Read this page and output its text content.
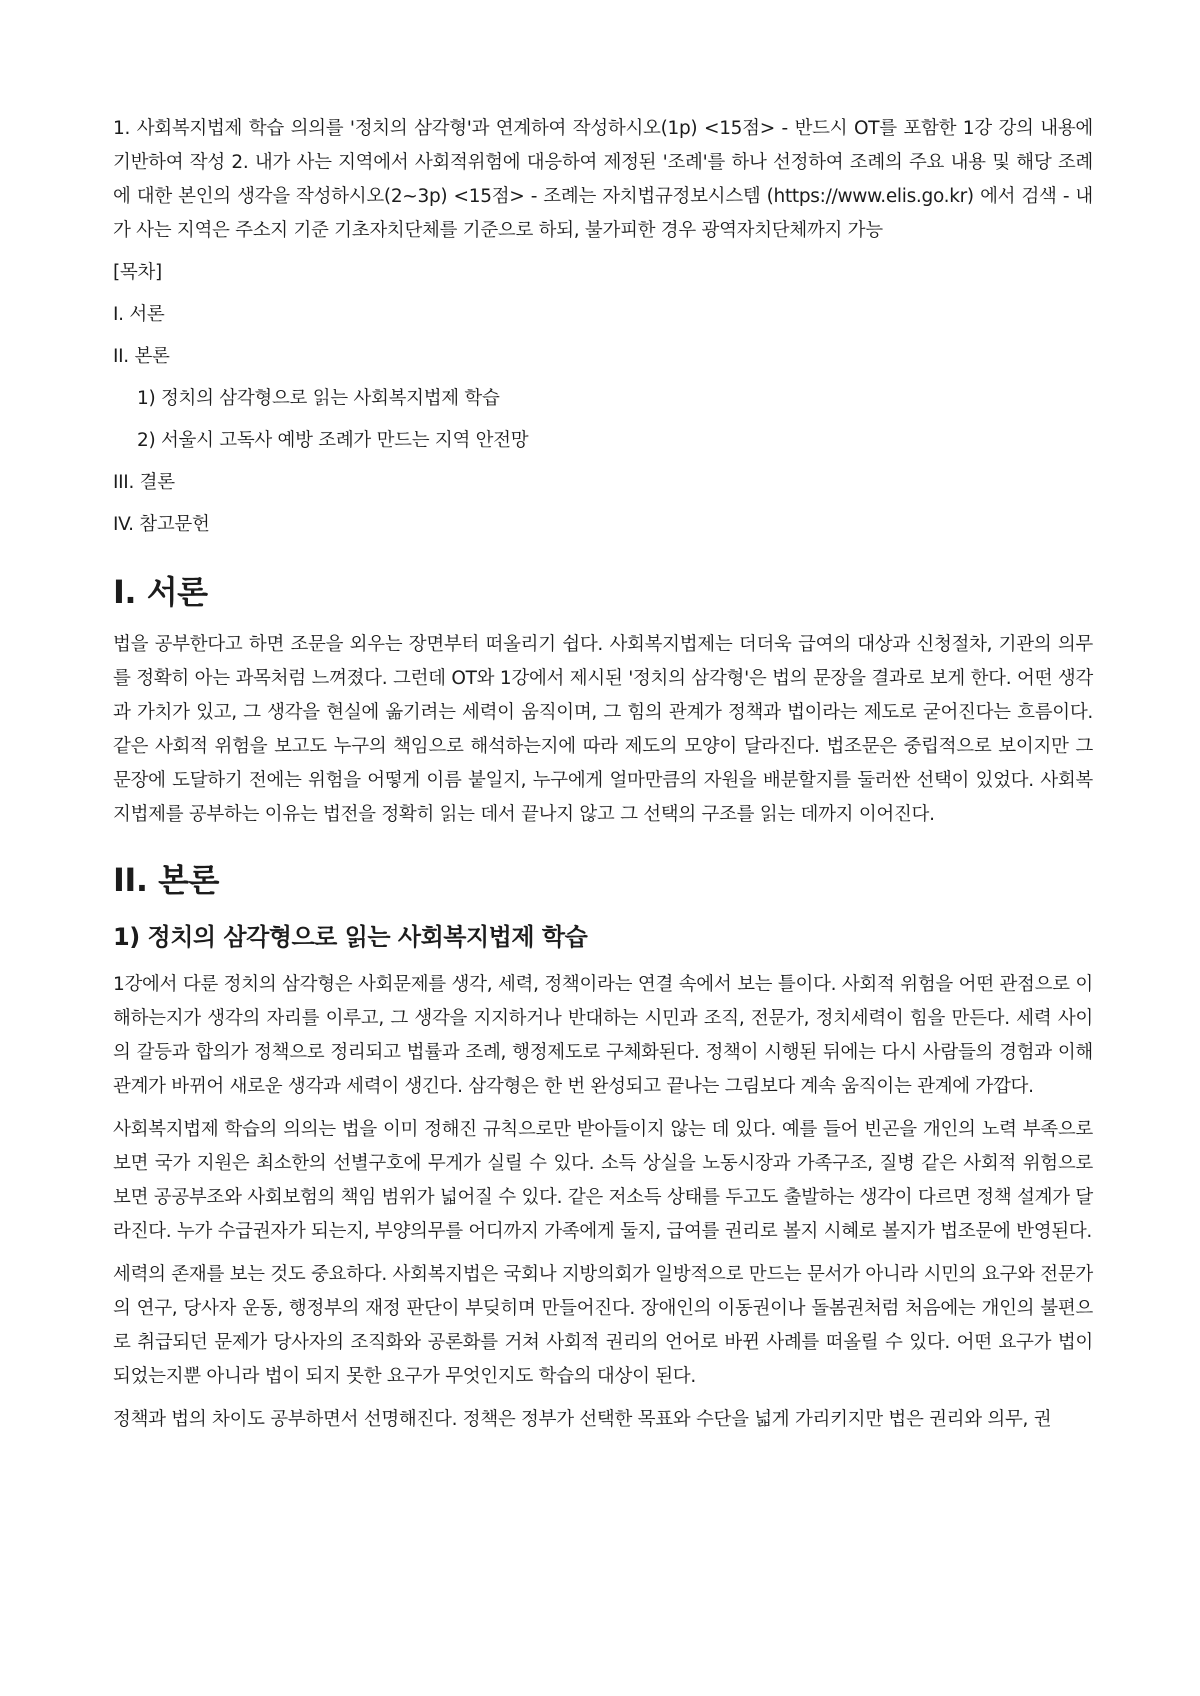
1. 사회복지법제 학습 의의를 '정치의 삼각형'과 연계하여 작성하시오(1p) <15점> - 반드시 OT를 포함한 1강 강의 내용에 기반하여 작성 2. 내가 사는 지역에서 사회적위험에 대응하여 제정된 '조례'를 하나 선정하여 조례의 주요 내용 및 해당 조례에 대한 본인의 생각을 작성하시오(2~3p) <15점> - 조례는 자치법규정보시스템 (https://www.elis.go.kr) 에서 검색 - 내가 사는 지역은 주소지 기준 기초자치단체를 기준으로 하되, 불가피한 경우 광역자치단체까지 가능

[목차]
I. 서론
II. 본론
1) 정치의 삼각형으로 읽는 사회복지법제 학습
2) 서울시 고독사 예방 조례가 만드는 지역 안전망
III. 결론
IV. 참고문헌
I. 서론

법을 공부한다고 하면 조문을 외우는 장면부터 떠올리기 쉽다. 사회복지법제는 더더욱 급여의 대상과 신청절차, 기관의 의무를 정확히 아는 과목처럼 느껴졌다. 그런데 OT와 1강에서 제시된 '정치의 삼각형'은 법의 문장을 결과로 보게 한다. 어떤 생각과 가치가 있고, 그 생각을 현실에 옮기려는 세력이 움직이며, 그 힘의 관계가 정책과 법이라는 제도로 굳어진다는 흐름이다. 같은 사회적 위험을 보고도 누구의 책임으로 해석하는지에 따라 제도의 모양이 달라진다. 법조문은 중립적으로 보이지만 그 문장에 도달하기 전에는 위험을 어떻게 이름 붙일지, 누구에게 얼마만큼의 자원을 배분할지를 둘러싼 선택이 있었다. 사회복지법제를 공부하는 이유는 법전을 정확히 읽는 데서 끝나지 않고 그 선택의 구조를 읽는 데까지 이어진다.

II. 본론
1) 정치의 삼각형으로 읽는 사회복지법제 학습

1강에서 다룬 정치의 삼각형은 사회문제를 생각, 세력, 정책이라는 연결 속에서 보는 틀이다. 사회적 위험을 어떤 관점으로 이해하는지가 생각의 자리를 이루고, 그 생각을 지지하거나 반대하는 시민과 조직, 전문가, 정치세력이 힘을 만든다. 세력 사이의 갈등과 합의가 정책으로 정리되고 법률과 조례, 행정제도로 구체화된다. 정책이 시행된 뒤에는 다시 사람들의 경험과 이해관계가 바뀌어 새로운 생각과 세력이 생긴다. 삼각형은 한 번 완성되고 끝나는 그림보다 계속 움직이는 관계에 가깝다.

사회복지법제 학습의 의의는 법을 이미 정해진 규칙으로만 받아들이지 않는 데 있다. 예를 들어 빈곤을 개인의 노력 부족으로 보면 국가 지원은 최소한의 선별구호에 무게가 실릴 수 있다. 소득 상실을 노동시장과 가족구조, 질병 같은 사회적 위험으로 보면 공공부조와 사회보험의 책임 범위가 넓어질 수 있다. 같은 저소득 상태를 두고도 출발하는 생각이 다르면 정책 설계가 달라진다. 누가 수급권자가 되는지, 부양의무를 어디까지 가족에게 둘지, 급여를 권리로 볼지 시혜로 볼지가 법조문에 반영된다.

세력의 존재를 보는 것도 중요하다. 사회복지법은 국회나 지방의회가 일방적으로 만드는 문서가 아니라 시민의 요구와 전문가의 연구, 당사자 운동, 행정부의 재정 판단이 부딪히며 만들어진다. 장애인의 이동권이나 돌봄권처럼 처음에는 개인의 불편으로 취급되던 문제가 당사자의 조직화와 공론화를 거쳐 사회적 권리의 언어로 바뀐 사례를 떠올릴 수 있다. 어떤 요구가 법이 되었는지뿐 아니라 법이 되지 못한 요구가 무엇인지도 학습의 대상이 된다.

정책과 법의 차이도 공부하면서 선명해진다. 정책은 정부가 선택한 목표와 수단을 넓게 가리키지만 법은 권리와 의무, 권
